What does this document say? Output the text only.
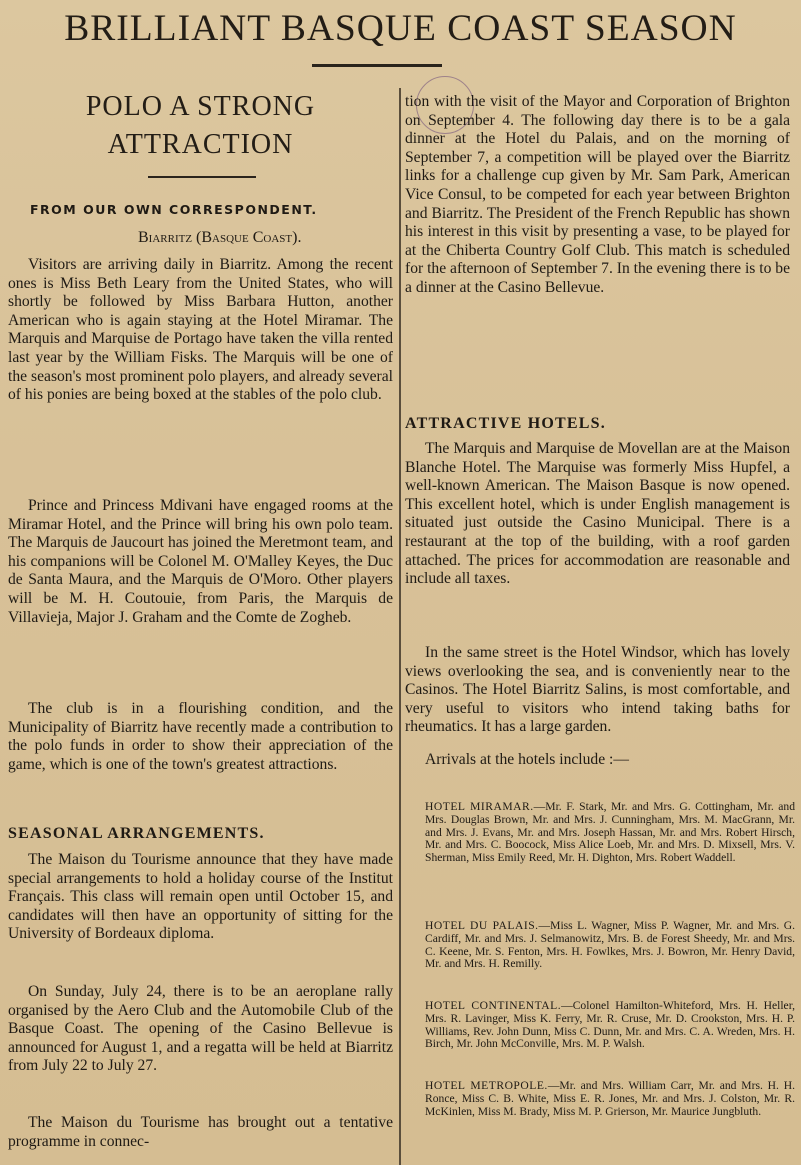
BRILLIANT BASQUE COAST SEASON
POLO A STRONG
ATTRACTION
FROM OUR OWN CORRESPONDENT.
Biarritz (Basque Coast).
Visitors are arriving daily in Biarritz. Among the recent ones is Miss Beth Leary from the United States, who will shortly be followed by Miss Barbara Hutton, another American who is again staying at the Hotel Miramar. The Marquis and Marquise de Portago have taken the villa rented last year by the William Fisks. The Marquis will be one of the season's most prominent polo players, and already several of his ponies are being boxed at the stables of the polo club.
Prince and Princess Mdivani have engaged rooms at the Miramar Hotel, and the Prince will bring his own polo team. The Marquis de Jaucourt has joined the Meretmont team, and his companions will be Colonel M. O'Malley Keyes, the Duc de Santa Maura, and the Marquis de O'Moro. Other players will be M. H. Coutouie, from Paris, the Marquis de Villavieja, Major J. Graham and the Comte de Zogheb.
The club is in a flourishing condition, and the Municipality of Biarritz have recently made a contribution to the polo funds in order to show their appreciation of the game, which is one of the town's greatest attractions.
SEASONAL ARRANGEMENTS.
The Maison du Tourisme announce that they have made special arrangements to hold a holiday course of the Institut Français. This class will remain open until October 15, and candidates will then have an opportunity of sitting for the University of Bordeaux diploma.
On Sunday, July 24, there is to be an aeroplane rally organised by the Aero Club and the Automobile Club of the Basque Coast. The opening of the Casino Bellevue is announced for August 1, and a regatta will be held at Biarritz from July 22 to July 27.
The Maison du Tourisme has brought out a tentative programme in connec-
tion with the visit of the Mayor and Corporation of Brighton on September 4. The following day there is to be a gala dinner at the Hotel du Palais, and on the morning of September 7, a competition will be played over the Biarritz links for a challenge cup given by Mr. Sam Park, American Vice Consul, to be competed for each year between Brighton and Biarritz. The President of the French Republic has shown his interest in this visit by presenting a vase, to be played for at the Chiberta Country Golf Club. This match is scheduled for the afternoon of September 7. In the evening there is to be a dinner at the Casino Bellevue.
ATTRACTIVE HOTELS.
The Marquis and Marquise de Movellan are at the Maison Blanche Hotel. The Marquise was formerly Miss Hupfel, a well-known American. The Maison Basque is now opened. This excellent hotel, which is under English management is situated just outside the Casino Municipal. There is a restaurant at the top of the building, with a roof garden attached. The prices for accommodation are reasonable and include all taxes.
In the same street is the Hotel Windsor, which has lovely views overlooking the sea, and is conveniently near to the Casinos. The Hotel Biarritz Salins, is most comfortable, and very useful to visitors who intend taking baths for rheumatics. It has a large garden.
Arrivals at the hotels include :—
HOTEL MIRAMAR.—Mr. F. Stark, Mr. and Mrs. G. Cottingham, Mr. and Mrs. Douglas Brown, Mr. and Mrs. J. Cunningham, Mrs. M. MacGrann, Mr. and Mrs. J. Evans, Mr. and Mrs. Joseph Hassan, Mr. and Mrs. Robert Hirsch, Mr. and Mrs. C. Boocock, Miss Alice Loeb, Mr. and Mrs. D. Mixsell, Mrs. V. Sherman, Miss Emily Reed, Mr. H. Dighton, Mrs. Robert Waddell.
HOTEL DU PALAIS.—Miss L. Wagner, Miss P. Wagner, Mr. and Mrs. G. Cardiff, Mr. and Mrs. J. Selmanowitz, Mrs. B. de Forest Sheedy, Mr. and Mrs. C. Keene, Mr. S. Fenton, Mrs. H. Fowlkes, Mrs. J. Bowron, Mr. Henry David, Mr. and Mrs. H. Remilly.
HOTEL CONTINENTAL.—Colonel Hamilton-Whiteford, Mrs. H. Heller, Mrs. R. Lavinger, Miss K. Ferry, Mr. R. Cruse, Mr. D. Crookston, Mrs. H. P. Williams, Rev. John Dunn, Miss C. Dunn, Mr. and Mrs. C. A. Wreden, Mrs. H. Birch, Mr. John McConville, Mrs. M. P. Walsh.
HOTEL METROPOLE.—Mr. and Mrs. William Carr, Mr. and Mrs. H. H. Ronce, Miss C. B. White, Miss E. R. Jones, Mr. and Mrs. J. Colston, Mr. R. McKinlen, Miss M. Brady, Miss M. P. Grierson, Mr. Maurice Jungbluth.
